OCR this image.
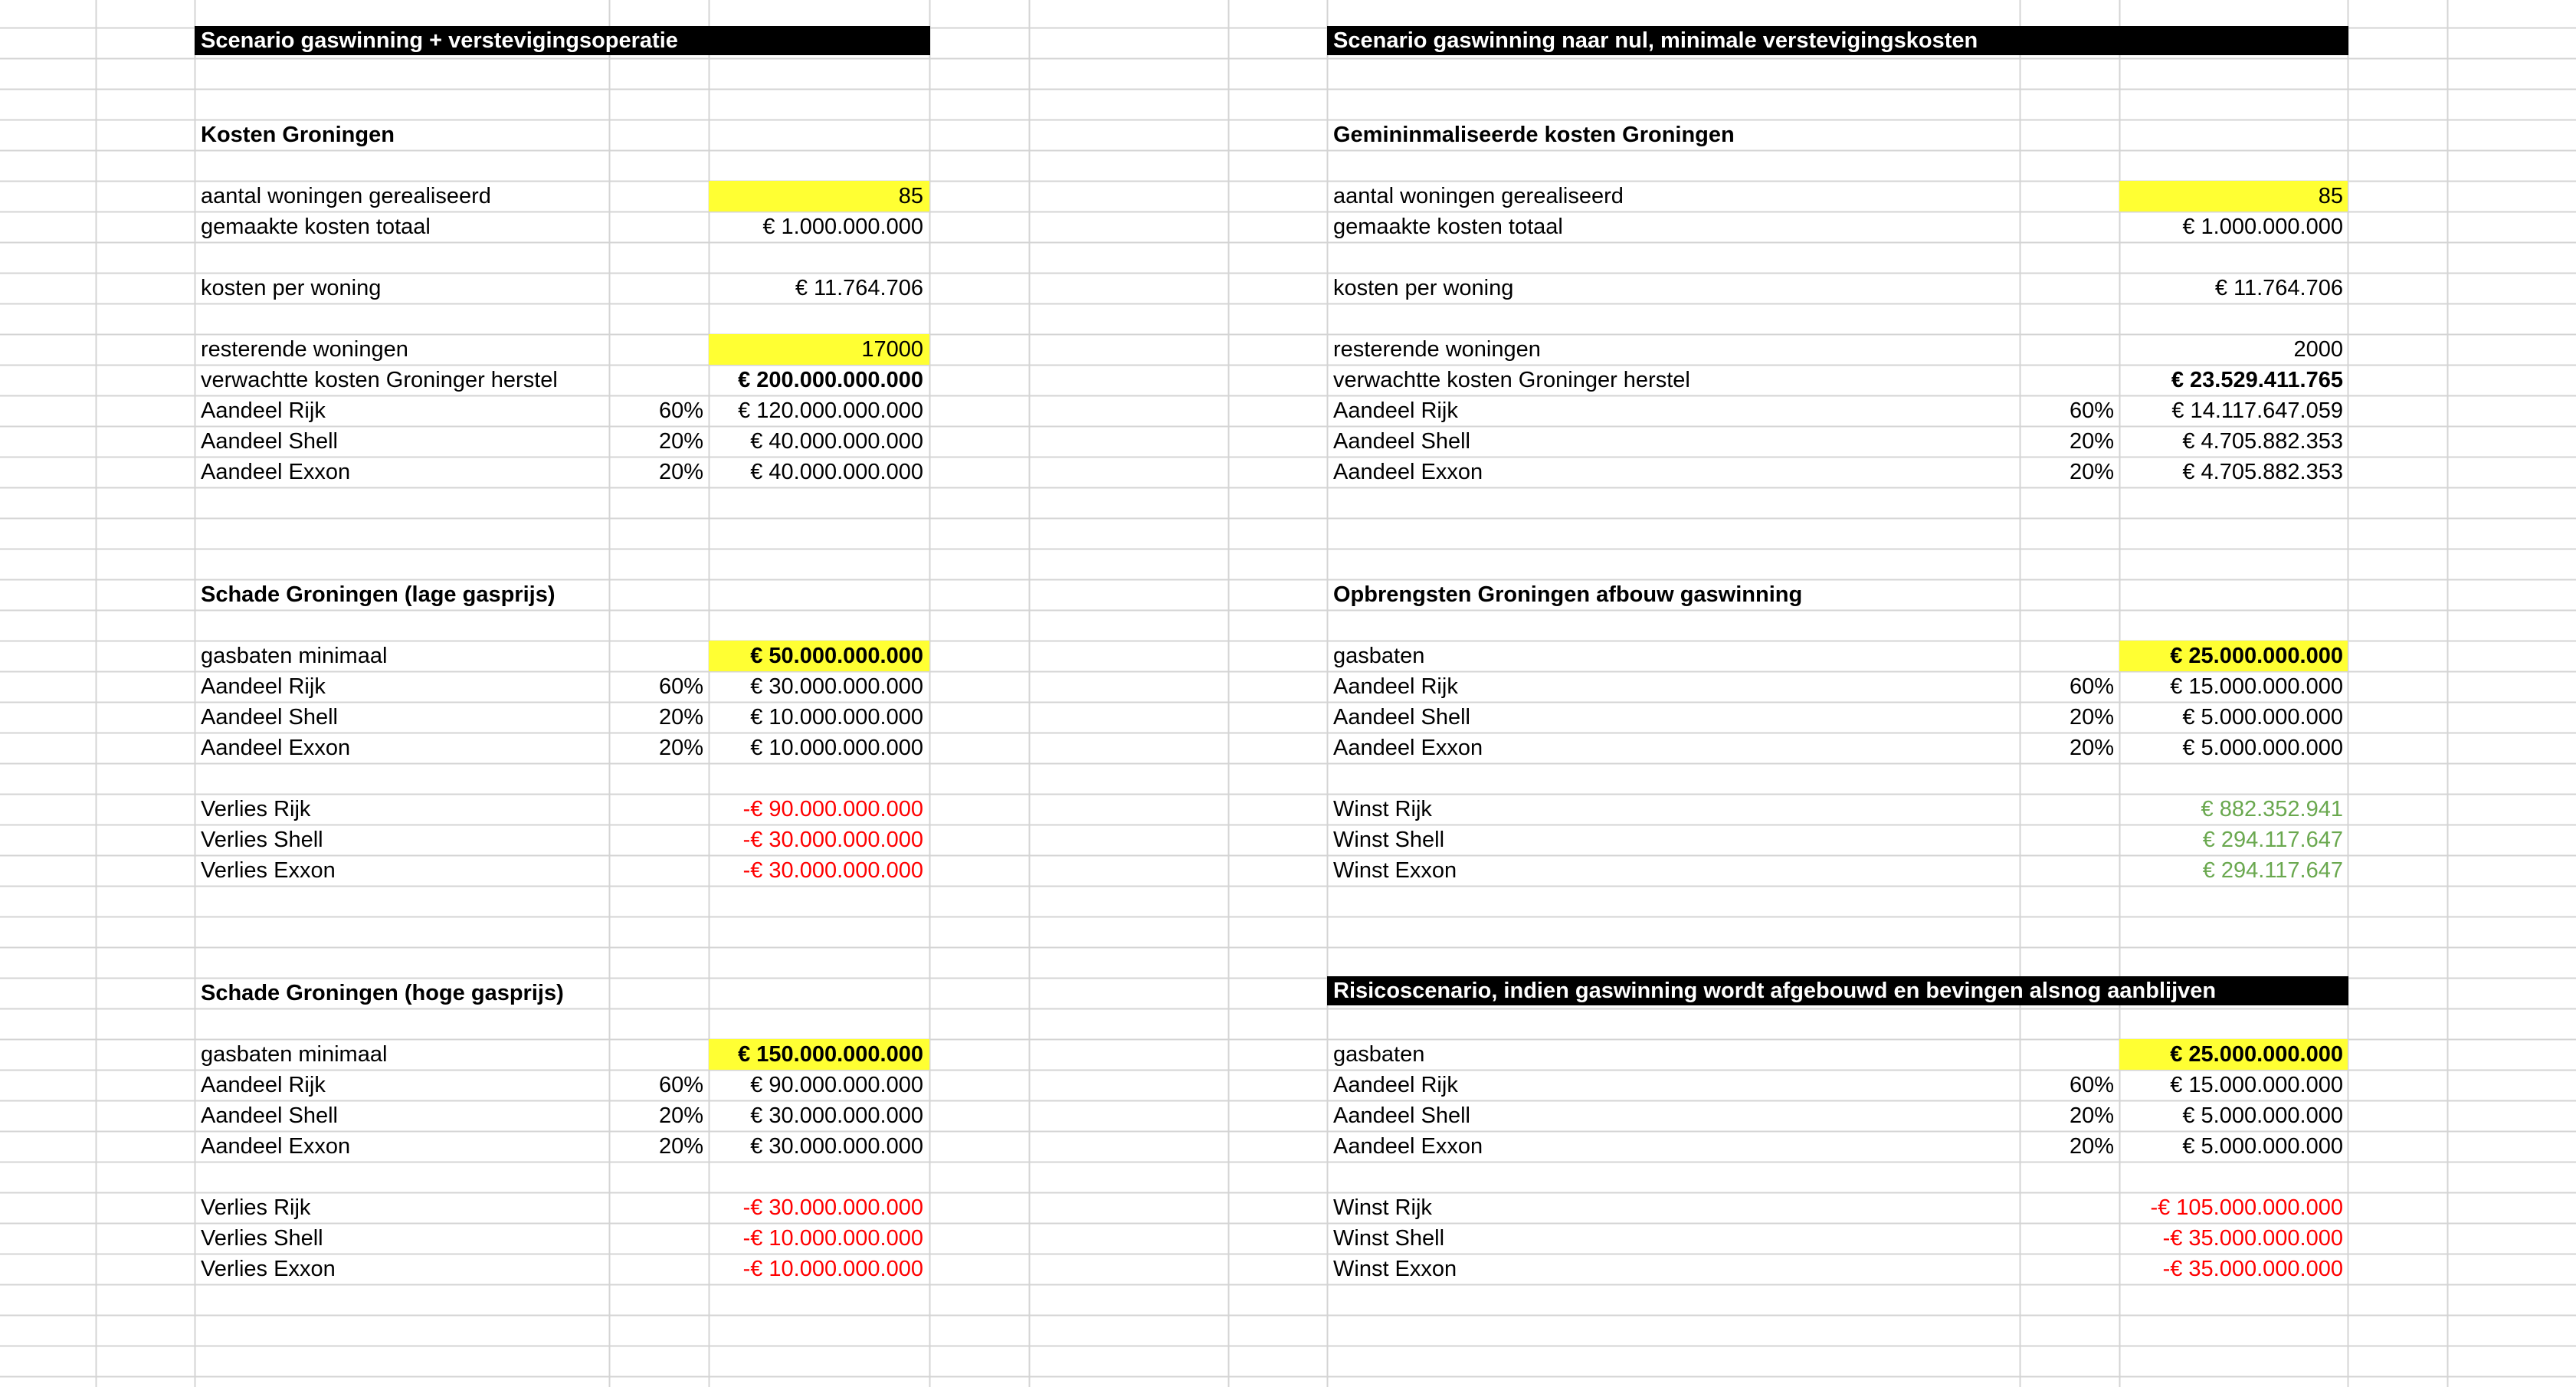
Scenario gaswinning + verstevigingsoperatie
Kosten Groningen
aantal woningen gerealiseerd	85
gemaakte kosten totaal	€ 1.000.000.000
kosten per woning	€ 11.764.706
resterende woningen	17000
verwachtte kosten Groninger herstel	€ 200.000.000.000
Aandeel Rijk	60%	€ 120.000.000.000
Aandeel Shell	20%	€ 40.000.000.000
Aandeel Exxon	20%	€ 40.000.000.000
Schade Groningen (lage gasprijs)
gasbaten minimaal	€ 50.000.000.000
Aandeel Rijk	60%	€ 30.000.000.000
Aandeel Shell	20%	€ 10.000.000.000
Aandeel Exxon	20%	€ 10.000.000.000
Verlies Rijk	-€ 90.000.000.000
Verlies Shell	-€ 30.000.000.000
Verlies Exxon	-€ 30.000.000.000
Schade Groningen (hoge gasprijs)
gasbaten minimaal	€ 150.000.000.000
Aandeel Rijk	60%	€ 90.000.000.000
Aandeel Shell	20%	€ 30.000.000.000
Aandeel Exxon	20%	€ 30.000.000.000
Verlies Rijk	-€ 30.000.000.000
Verlies Shell	-€ 10.000.000.000
Verlies Exxon	-€ 10.000.000.000
Scenario gaswinning naar nul, minimale verstevigingskosten
Gemininmaliseerde kosten Groningen
aantal woningen gerealiseerd	85
gemaakte kosten totaal	€ 1.000.000.000
kosten per woning	€ 11.764.706
resterende woningen	2000
verwachtte kosten Groninger herstel	€ 23.529.411.765
Aandeel Rijk	60%	€ 14.117.647.059
Aandeel Shell	20%	€ 4.705.882.353
Aandeel Exxon	20%	€ 4.705.882.353
Opbrengsten Groningen afbouw gaswinning
gasbaten	€ 25.000.000.000
Aandeel Rijk	60%	€ 15.000.000.000
Aandeel Shell	20%	€ 5.000.000.000
Aandeel Exxon	20%	€ 5.000.000.000
Winst Rijk	€ 882.352.941
Winst Shell	€ 294.117.647
Winst Exxon	€ 294.117.647
Risicoscenario, indien gaswinning wordt afgebouwd en bevingen alsnog aanblijven
gasbaten	€ 25.000.000.000
Aandeel Rijk	60%	€ 15.000.000.000
Aandeel Shell	20%	€ 5.000.000.000
Aandeel Exxon	20%	€ 5.000.000.000
Winst Rijk	-€ 105.000.000.000
Winst Shell	-€ 35.000.000.000
Winst Exxon	-€ 35.000.000.000
